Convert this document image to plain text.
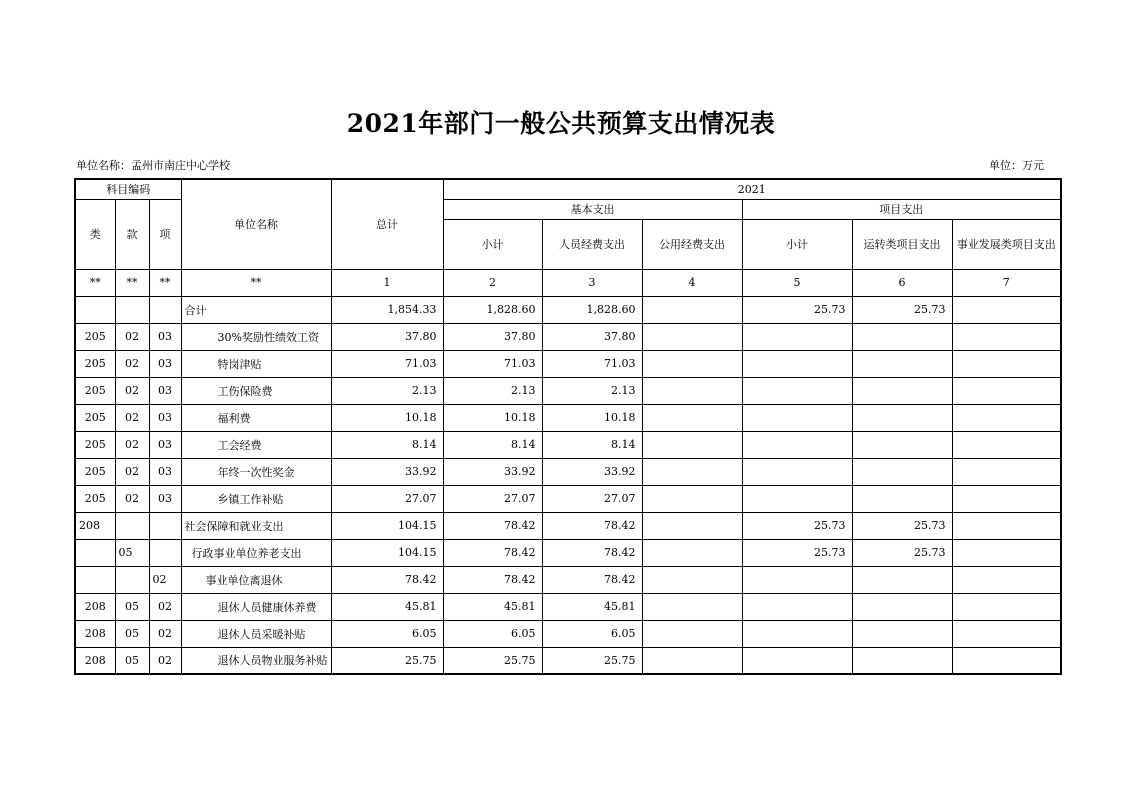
2021年部门一般公共预算支出情况表
单位名称：孟州市南庄中心学校	单位：万元
科目编码			单位名称	总计	2021					
类	款	项			基本支出			项目支出		
					小计	人员经费支出	公用经费支出	小计	运转类项目支出	事业发展类项目支出

**	**	**	**	1	2	3	4	5	6	7
			合计	1,854.33	1,828.60	1,828.60		25.73	25.73	
205	02	03	30%奖励性绩效工资	37.80	37.80	37.80				
205	02	03	特岗津贴	71.03	71.03	71.03				
205	02	03	工伤保险费	2.13	2.13	2.13				
205	02	03	福利费	10.18	10.18	10.18				
205	02	03	工会经费	8.14	8.14	8.14				
205	02	03	年终一次性奖金	33.92	33.92	33.92				
205	02	03	乡镇工作补贴	27.07	27.07	27.07				
208			社会保障和就业支出	104.15	78.42	78.42		25.73	25.73	
	05		行政事业单位养老支出	104.15	78.42	78.42		25.73	25.73	
		02	事业单位离退休	78.42	78.42	78.42				
208	05	02	退休人员健康休养费	45.81	45.81	45.81				
208	05	02	退休人员采暖补贴	6.05	6.05	6.05				
208	05	02	退休人员物业服务补贴	25.75	25.75	25.75				
